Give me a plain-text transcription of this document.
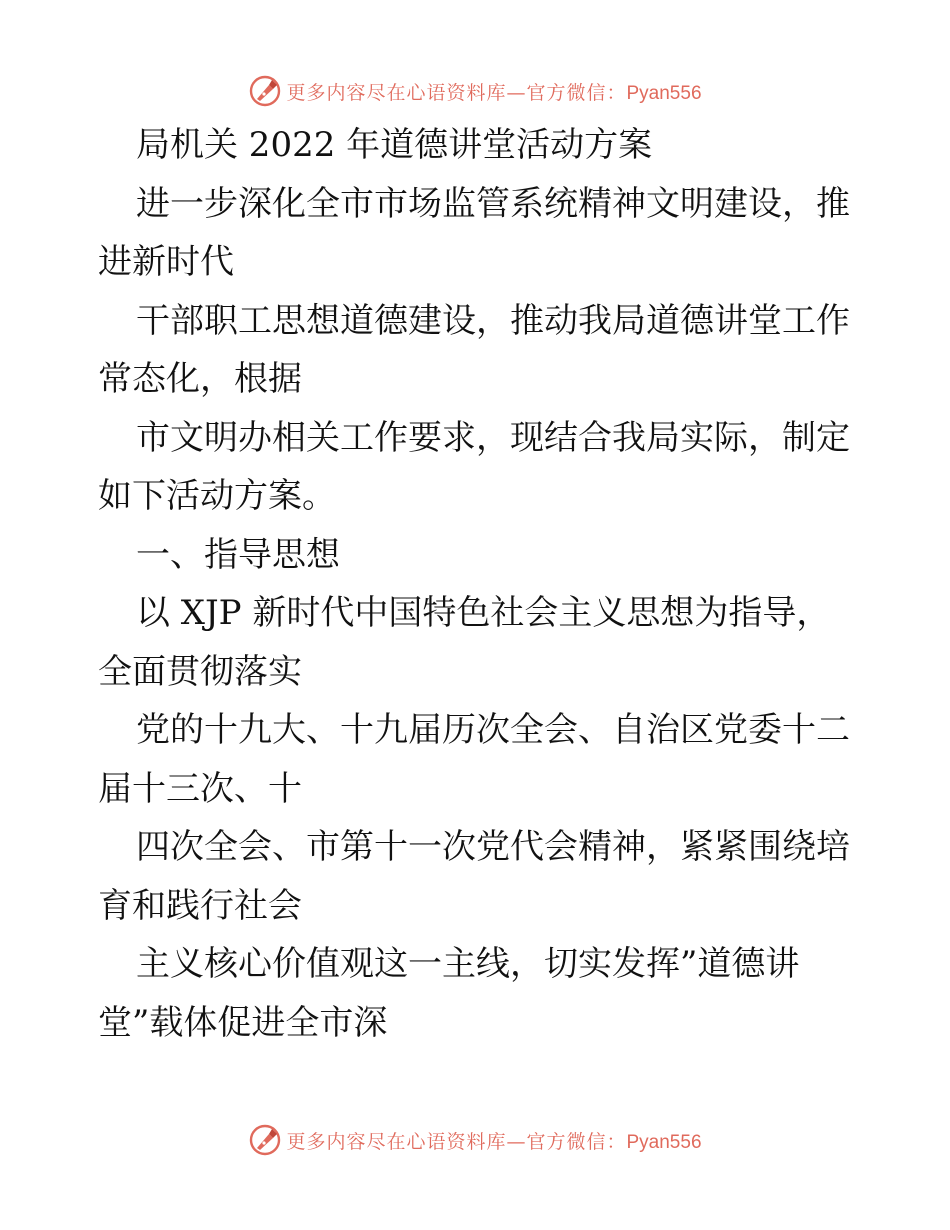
更多内容尽在心语资料库—官方微信：Pyan556
局机关 2022 年道德讲堂活动方案
进一步深化全市市场监管系统精神文明建设，推
进新时代
干部职工思想道德建设，推动我局道德讲堂工作
常态化，根据
市文明办相关工作要求，现结合我局实际，制定
如下活动方案。
一、指导思想
以 XJP 新时代中国特色社会主义思想为指导，
全面贯彻落实
党的十九大、十九届历次全会、自治区党委十二
届十三次、十
四次全会、市第十一次党代会精神，紧紧围绕培
育和践行社会
主义核心价值观这一主线，切实发挥”道德讲
堂”载体促进全市深
更多内容尽在心语资料库—官方微信：Pyan556
